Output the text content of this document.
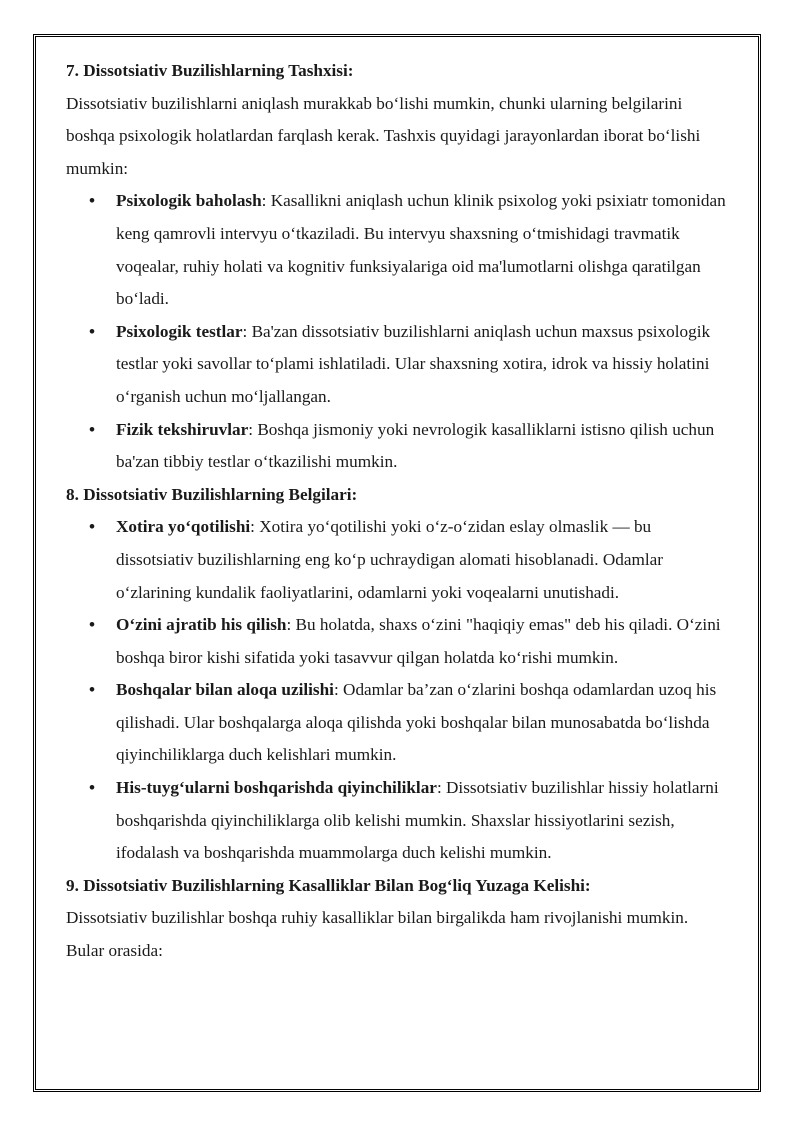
7. Dissotsiativ Buzilishlarning Tashxisi:

Dissotsiativ buzilishlarni aniqlash murakkab bo‘lishi mumkin, chunki ularning belgilarini boshqa psixologik holatlardan farqlash kerak. Tashxis quyidagi jarayonlardan iborat bo‘lishi mumkin:

• Psixologik baholash: Kasallikni aniqlash uchun klinik psixolog yoki psixiatr tomonidan keng qamrovli intervyu o‘tkaziladi. Bu intervyu shaxsning o‘tmishidagi travmatik voqealar, ruhiy holati va kognitiv funksiyalariga oid ma'lumotlarni olishga qaratilgan bo‘ladi.
• Psixologik testlar: Ba'zan dissotsiativ buzilishlarni aniqlash uchun maxsus psixologik testlar yoki savollar to‘plami ishlatiladi. Ular shaxsning xotira, idrok va hissiy holatini o‘rganish uchun mo‘ljallangan.
• Fizik tekshiruvlar: Boshqa jismoniy yoki nevrologik kasalliklarni istisno qilish uchun ba'zan tibbiy testlar o‘tkazilishi mumkin.

8. Dissotsiativ Buzilishlarning Belgilari:

• Xotira yo‘qotilishi: Xotira yo‘qotilishi yoki o‘z-o‘zidan eslay olmaslik — bu dissotsiativ buzilishlarning eng ko‘p uchraydigan alomati hisoblanadi. Odamlar o‘zlarining kundalik faoliyatlarini, odamlarni yoki voqealarni unutishadi.
• O‘zini ajratib his qilish: Bu holatda, shaxs o‘zini "haqiqiy emas" deb his qiladi. O‘zini boshqa biror kishi sifatida yoki tasavvur qilgan holatda ko‘rishi mumkin.
• Boshqalar bilan aloqa uzilishi: Odamlar ba’zan o‘zlarini boshqa odamlardan uzoq his qilishadi. Ular boshqalarga aloqa qilishda yoki boshqalar bilan munosabatda bo‘lishda qiyinchiliklarga duch kelishlari mumkin.
• His-tuyg‘ularni boshqarishda qiyinchiliklar: Dissotsiativ buzilishlar hissiy holatlarni boshqarishda qiyinchiliklarga olib kelishi mumkin. Shaxslar hissiyotlarini sezish, ifodalash va boshqarishda muammolarga duch kelishi mumkin.

9. Dissotsiativ Buzilishlarning Kasalliklar Bilan Bog‘liq Yuzaga Kelishi:

Dissotsiativ buzilishlar boshqa ruhiy kasalliklar bilan birgalikda ham rivojlanishi mumkin. Bular orasida:
